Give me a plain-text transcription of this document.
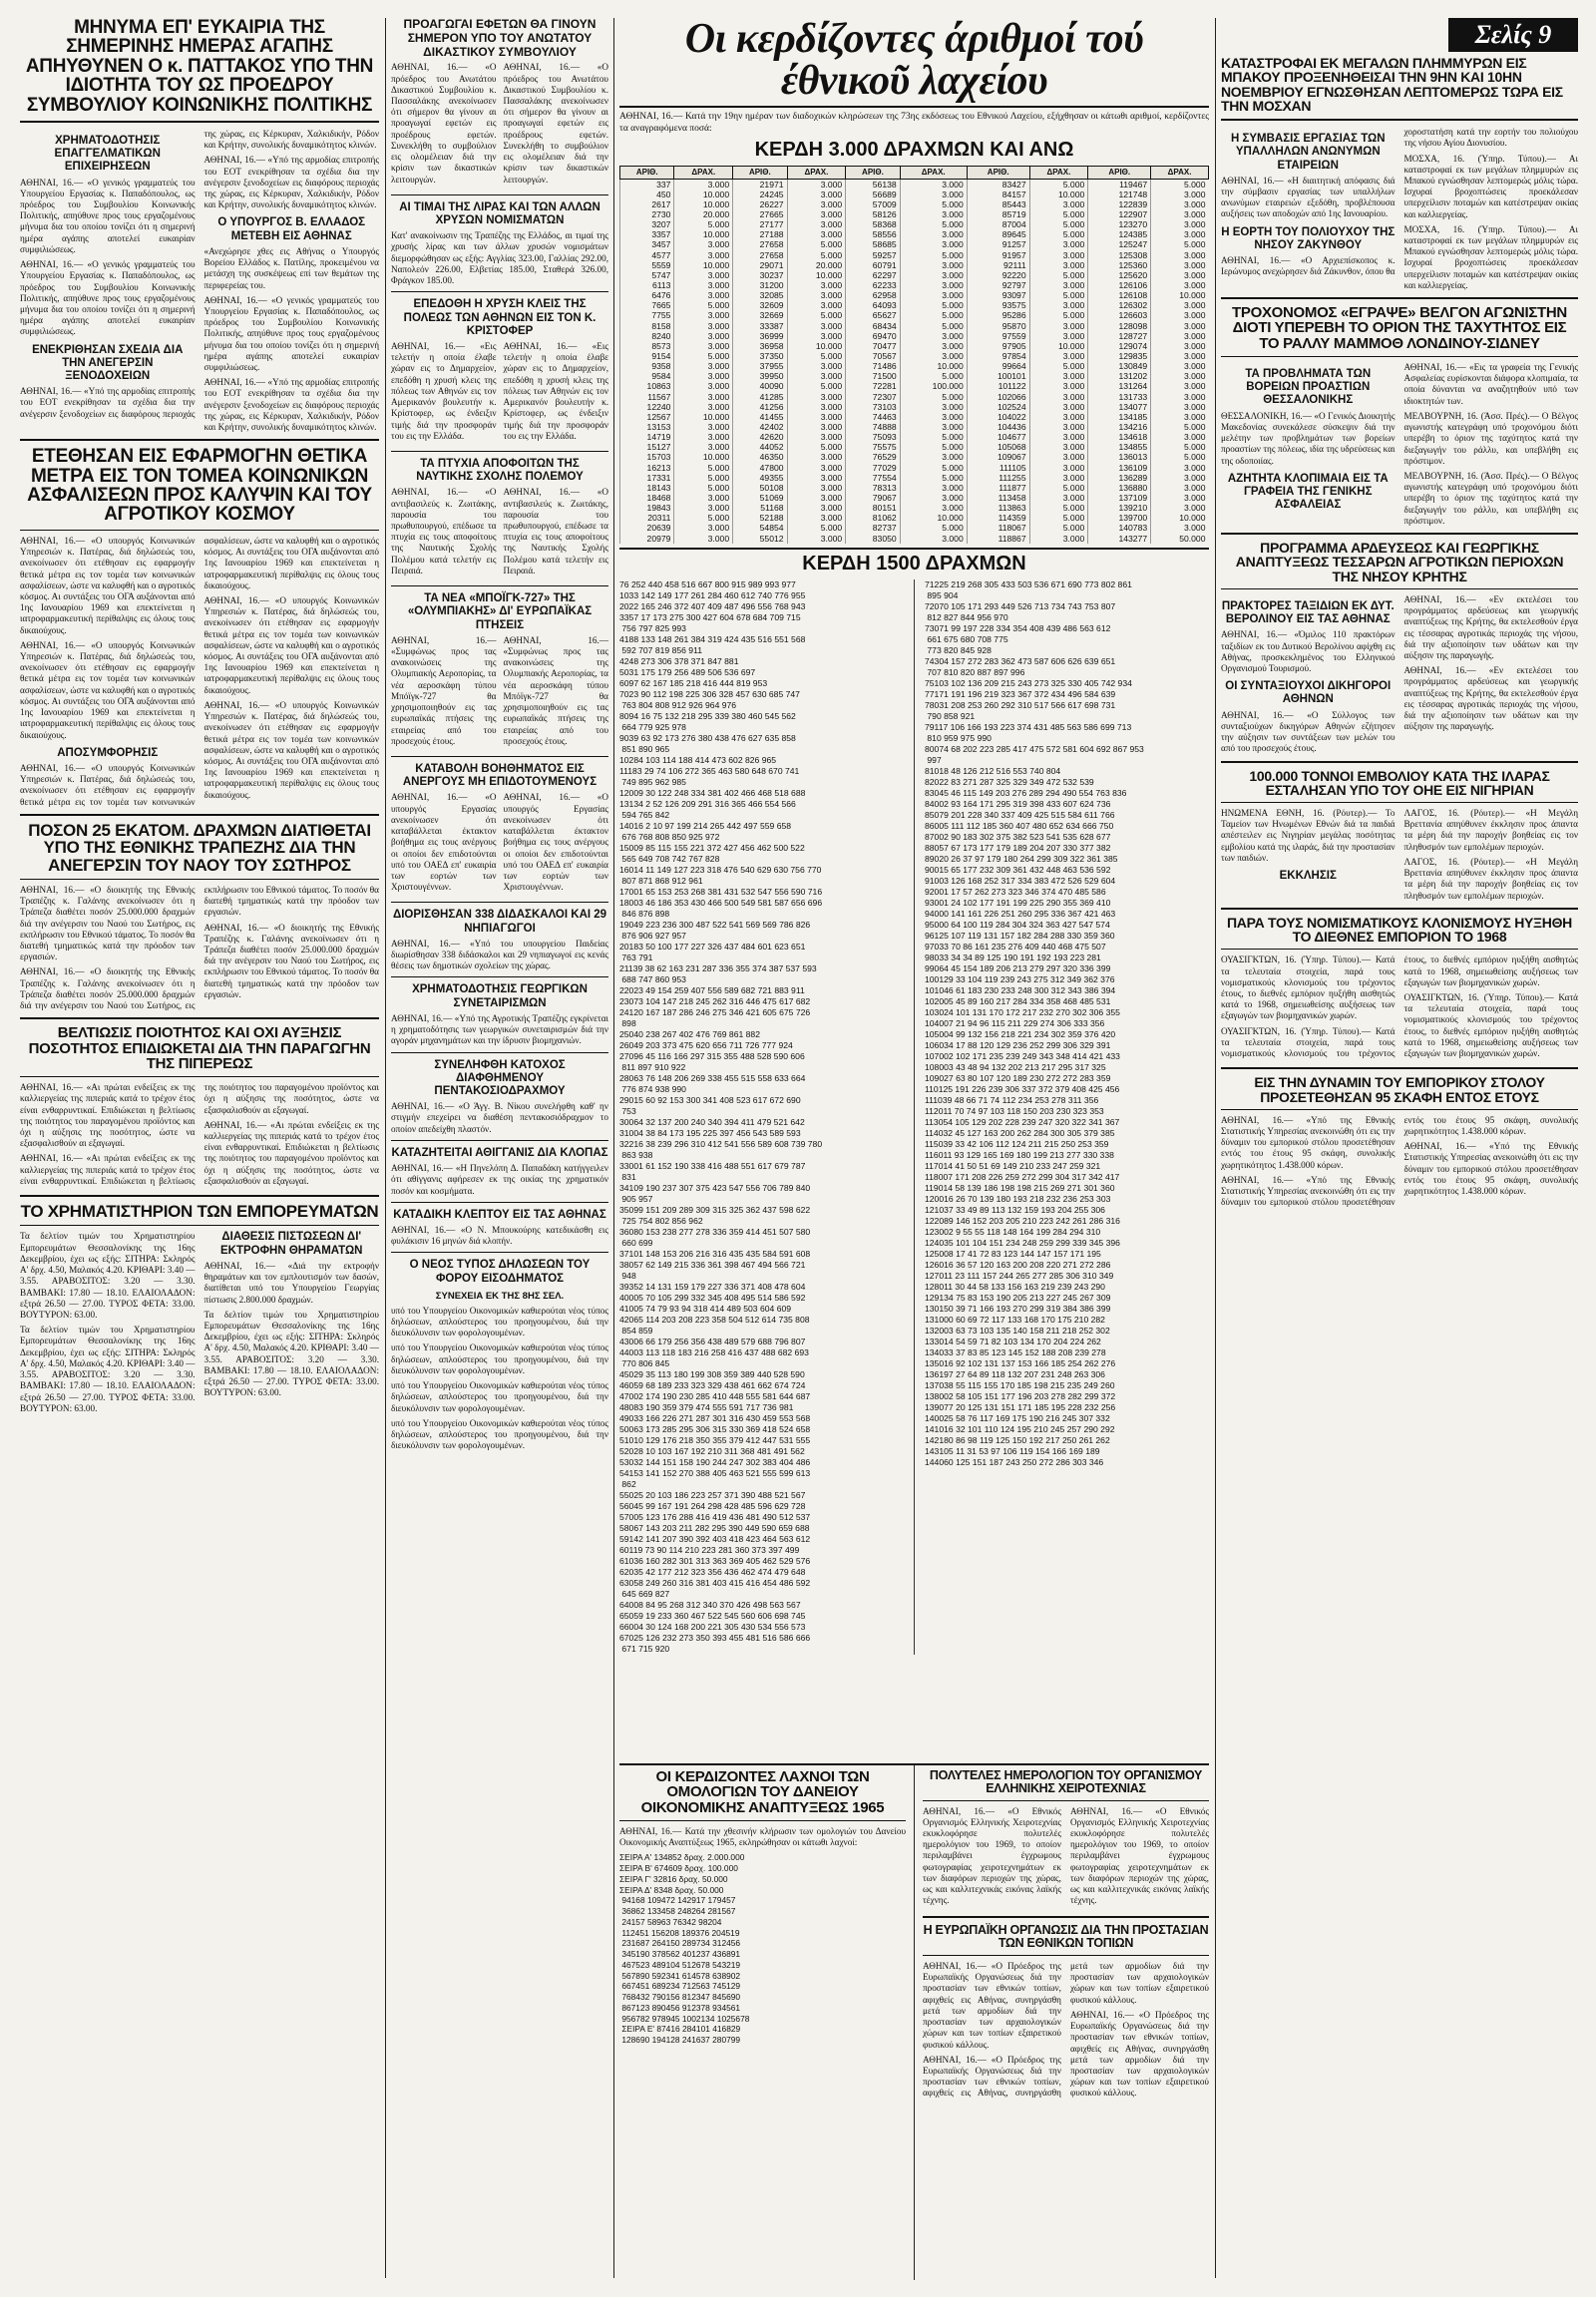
ΜΗΝΥΜΑ ΕΠ' ΕΥΚΑΙΡΙΑ ΤΗΣ ΣΗΜΕΡΙΝΗΣ ΗΜΕΡΑΣ ΑΓΑΠΗΣ ΑΠΗΥΘΥΝΕΝ Ο κ. ΠΑΤΤΑΚΟΣ ΥΠΟ ΤΗΝ ΙΔΙΟΤΗΤΑ ΤΟΥ ΩΣ ΠΡΟΕΔΡΟΥ ΣΥΜΒΟΥΛΙΟΥ ΚΟΙΝΩΝΙΚΗΣ ΠΟΛΙΤΙΚΗΣ
ΧΡΗΜΑΤΟΔΟΤΗΣΙΣ ΕΠΑΓΓΕΛΜΑΤΙΚΩΝ ΕΠΙΧΕΙΡΗΣΕΩΝ

ΑΘΗΝΑΙ, 16.— «Ο γενικός γραμματεύς του Υπουργείου Εργασίας κ. Παπαδόπουλος, ως πρόεδρος του Συμβουλίου Κοινωνικής Πολιτικής, απηύθυνε προς τους εργαζομένους μήνυμα δια του οποίου τονίζει ότι η σημερινή ημέρα αγάπης αποτελεί ευκαιρίαν συμφιλιώσεως.

ΑΘΗΝΑΙ, 16.— «Ο γενικός γραμματεύς του Υπουργείου Εργασίας κ. Παπαδόπουλος, ως πρόεδρος του Συμβουλίου Κοινωνικής Πολιτικής, απηύθυνε προς τους εργαζομένους μήνυμα δια του οποίου τονίζει ότι η σημερινή ημέρα αγάπης αποτελεί ευκαιρίαν συμφιλιώσεως.

ΕΝΕΚΡΙΘΗΣΑΝ ΣΧΕΔΙΑ ΔΙΑ ΤΗΝ ΑΝΕΓΕΡΣΙΝ ΞΕΝΟΔΟΧΕΙΩΝ

ΑΘΗΝΑΙ, 16.— «Υπό της αρμοδίας επιτροπής του ΕΟΤ ενεκρίθησαν τα σχέδια δια την ανέγερσιν ξενοδοχείων εις διαφόρους περιοχάς της χώρας, εις Κέρκυραν, Χαλκιδικήν, Ρόδον και Κρήτην, συνολικής δυναμικότητος κλινών.

ΑΘΗΝΑΙ, 16.— «Υπό της αρμοδίας επιτροπής του ΕΟΤ ενεκρίθησαν τα σχέδια δια την ανέγερσιν ξενοδοχείων εις διαφόρους περιοχάς της χώρας, εις Κέρκυραν, Χαλκιδικήν, Ρόδον και Κρήτην, συνολικής δυναμικότητος κλινών.

Ο ΥΠΟΥΡΓΟΣ Β. ΕΛΛΑΔΟΣ ΜΕΤΕΒΗ ΕΙΣ ΑΘΗΝΑΣ

«Ανεχώρησε χθες εις Αθήνας ο Υπουργός Βορείου Ελλάδος κ. Πατίλης, προκειμένου να μετάσχη της συσκέψεως επί των θεμάτων της περιφερείας του.

ΑΘΗΝΑΙ, 16.— «Ο γενικός γραμματεύς του Υπουργείου Εργασίας κ. Παπαδόπουλος, ως πρόεδρος του Συμβουλίου Κοινωνικής Πολιτικής, απηύθυνε προς τους εργαζομένους μήνυμα δια του οποίου τονίζει ότι η σημερινή ημέρα αγάπης αποτελεί ευκαιρίαν συμφιλιώσεως.

ΑΘΗΝΑΙ, 16.— «Υπό της αρμοδίας επιτροπής του ΕΟΤ ενεκρίθησαν τα σχέδια δια την ανέγερσιν ξενοδοχείων εις διαφόρους περιοχάς της χώρας, εις Κέρκυραν, Χαλκιδικήν, Ρόδον και Κρήτην, συνολικής δυναμικότητος κλινών.

ΕΤΕΘΗΣΑΝ ΕΙΣ ΕΦΑΡΜΟΓΗΝ ΘΕΤΙΚΑ ΜΕΤΡΑ ΕΙΣ ΤΟΝ ΤΟΜΕΑ ΚΟΙΝΩΝΙΚΩΝ ΑΣΦΑΛΙΣΕΩΝ ΠΡΟΣ ΚΑΛΥΨΙΝ ΚΑΙ ΤΟΥ ΑΓΡΟΤΙΚΟΥ ΚΟΣΜΟΥ

ΑΘΗΝΑΙ, 16.— «Ο υπουργός Κοινωνικών Υπηρεσιών κ. Πατέρας, διά δηλώσεώς του, ανεκοίνωσεν ότι ετέθησαν εις εφαρμογήν θετικά μέτρα εις τον τομέα των κοινωνικών ασφαλίσεων, ώστε να καλυφθή και ο αγροτικός κόσμος. Αι συντάξεις του ΟΓΑ αυξάνονται από 1ης Ιανουαρίου 1969 και επεκτείνεται η ιατροφαρμακευτική περίθαλψις εις όλους τους δικαιούχους.

ΑΘΗΝΑΙ, 16.— «Ο υπουργός Κοινωνικών Υπηρεσιών κ. Πατέρας, διά δηλώσεώς του, ανεκοίνωσεν ότι ετέθησαν εις εφαρμογήν θετικά μέτρα εις τον τομέα των κοινωνικών ασφαλίσεων, ώστε να καλυφθή και ο αγροτικός κόσμος. Αι συντάξεις του ΟΓΑ αυξάνονται από 1ης Ιανουαρίου 1969 και επεκτείνεται η ιατροφαρμακευτική περίθαλψις εις όλους τους δικαιούχους.

ΑΠΟΣΥΜΦΟΡΗΣΙΣ

ΑΘΗΝΑΙ, 16.— «Ο υπουργός Κοινωνικών Υπηρεσιών κ. Πατέρας, διά δηλώσεώς του, ανεκοίνωσεν ότι ετέθησαν εις εφαρμογήν θετικά μέτρα εις τον τομέα των κοινωνικών ασφαλίσεων, ώστε να καλυφθή και ο αγροτικός κόσμος. Αι συντάξεις του ΟΓΑ αυξάνονται από 1ης Ιανουαρίου 1969 και επεκτείνεται η ιατροφαρμακευτική περίθαλψις εις όλους τους δικαιούχους.

ΑΘΗΝΑΙ, 16.— «Ο υπουργός Κοινωνικών Υπηρεσιών κ. Πατέρας, διά δηλώσεώς του, ανεκοίνωσεν ότι ετέθησαν εις εφαρμογήν θετικά μέτρα εις τον τομέα των κοινωνικών ασφαλίσεων, ώστε να καλυφθή και ο αγροτικός κόσμος. Αι συντάξεις του ΟΓΑ αυξάνονται από 1ης Ιανουαρίου 1969 και επεκτείνεται η ιατροφαρμακευτική περίθαλψις εις όλους τους δικαιούχους.

ΑΘΗΝΑΙ, 16.— «Ο υπουργός Κοινωνικών Υπηρεσιών κ. Πατέρας, διά δηλώσεώς του, ανεκοίνωσεν ότι ετέθησαν εις εφαρμογήν θετικά μέτρα εις τον τομέα των κοινωνικών ασφαλίσεων, ώστε να καλυφθή και ο αγροτικός κόσμος. Αι συντάξεις του ΟΓΑ αυξάνονται από 1ης Ιανουαρίου 1969 και επεκτείνεται η ιατροφαρμακευτική περίθαλψις εις όλους τους δικαιούχους.

ΠΟΣΟΝ 25 ΕΚΑΤΟΜ. ΔΡΑΧΜΩΝ ΔΙΑΤΙΘΕΤΑΙ ΥΠΟ ΤΗΣ ΕΘΝΙΚΗΣ ΤΡΑΠΕΖΗΣ ΔΙΑ ΤΗΝ ΑΝΕΓΕΡΣΙΝ ΤΟΥ ΝΑΟΥ ΤΟΥ ΣΩΤΗΡΟΣ

ΑΘΗΝΑΙ, 16.— «Ο διοικητής της Εθνικής Τραπέζης κ. Γαλάνης ανεκοίνωσεν ότι η Τράπεζα διαθέτει ποσόν 25.000.000 δραχμών διά την ανέγερσιν του Ναού του Σωτήρος, εις εκπλήρωσιν του Εθνικού τάματος. Το ποσόν θα διατεθή τμηματικώς κατά την πρόοδον των εργασιών.

ΑΘΗΝΑΙ, 16.— «Ο διοικητής της Εθνικής Τραπέζης κ. Γαλάνης ανεκοίνωσεν ότι η Τράπεζα διαθέτει ποσόν 25.000.000 δραχμών διά την ανέγερσιν του Ναού του Σωτήρος, εις εκπλήρωσιν του Εθνικού τάματος. Το ποσόν θα διατεθή τμηματικώς κατά την πρόοδον των εργασιών.

ΑΘΗΝΑΙ, 16.— «Ο διοικητής της Εθνικής Τραπέζης κ. Γαλάνης ανεκοίνωσεν ότι η Τράπεζα διαθέτει ποσόν 25.000.000 δραχμών διά την ανέγερσιν του Ναού του Σωτήρος, εις εκπλήρωσιν του Εθνικού τάματος. Το ποσόν θα διατεθή τμηματικώς κατά την πρόοδον των εργασιών.

ΒΕΛΤΙΩΣΙΣ ΠΟΙΟΤΗΤΟΣ ΚΑΙ ΟΧΙ ΑΥΞΗΣΙΣ ΠΟΣΟΤΗΤΟΣ ΕΠΙΔΙΩΚΕΤΑΙ ΔΙΑ ΤΗΝ ΠΑΡΑΓΩΓΗΝ ΤΗΣ ΠΙΠΕΡΕΩΣ

ΑΘΗΝΑΙ, 16.— «Αι πρώται ενδείξεις εκ της καλλιεργείας της πιπεριάς κατά το τρέχον έτος είναι ενθαρρυντικαί. Επιδιώκεται η βελτίωσις της ποιότητος του παραγομένου προϊόντος και όχι η αύξησις της ποσότητος, ώστε να εξασφαλισθούν αι εξαγωγαί.

ΑΘΗΝΑΙ, 16.— «Αι πρώται ενδείξεις εκ της καλλιεργείας της πιπεριάς κατά το τρέχον έτος είναι ενθαρρυντικαί. Επιδιώκεται η βελτίωσις της ποιότητος του παραγομένου προϊόντος και όχι η αύξησις της ποσότητος, ώστε να εξασφαλισθούν αι εξαγωγαί.

ΑΘΗΝΑΙ, 16.— «Αι πρώται ενδείξεις εκ της καλλιεργείας της πιπεριάς κατά το τρέχον έτος είναι ενθαρρυντικαί. Επιδιώκεται η βελτίωσις της ποιότητος του παραγομένου προϊόντος και όχι η αύξησις της ποσότητος, ώστε να εξασφαλισθούν αι εξαγωγαί.

ΤΟ ΧΡΗΜΑΤΙΣΤΗΡΙΟΝ ΤΩΝ ΕΜΠΟΡΕΥΜΑΤΩΝ

Τα δελτίον τιμών του Χρηματιστηρίου Εμπορευμάτων Θεσσαλονίκης της 16ης Δεκεμβρίου, έχει ως εξής: ΣΙΤΗΡΑ: Σκληρός Α' δρχ. 4.50, Μαλακός 4.20. ΚΡΙΘΑΡΙ: 3.40 — 3.55. ΑΡΑΒΟΣΙΤΟΣ: 3.20 — 3.30. ΒΑΜΒΑΚΙ: 17.80 — 18.10. ΕΛΑΙΟΛΑΔΟΝ: εξτρά 26.50 — 27.00. ΤΥΡΟΣ ΦΕΤΑ: 33.00. ΒΟΥΤΥΡΟΝ: 63.00.

Τα δελτίον τιμών του Χρηματιστηρίου Εμπορευμάτων Θεσσαλονίκης της 16ης Δεκεμβρίου, έχει ως εξής: ΣΙΤΗΡΑ: Σκληρός Α' δρχ. 4.50, Μαλακός 4.20. ΚΡΙΘΑΡΙ: 3.40 — 3.55. ΑΡΑΒΟΣΙΤΟΣ: 3.20 — 3.30. ΒΑΜΒΑΚΙ: 17.80 — 18.10. ΕΛΑΙΟΛΑΔΟΝ: εξτρά 26.50 — 27.00. ΤΥΡΟΣ ΦΕΤΑ: 33.00. ΒΟΥΤΥΡΟΝ: 63.00.

ΔΙΑΘΕΣΙΣ ΠΙΣΤΩΣΕΩΝ ΔΙ' ΕΚΤΡΟΦΗΝ ΘΗΡΑΜΑΤΩΝ

ΑΘΗΝΑΙ, 16.— «Διά την εκτροφήν θηραμάτων και τον εμπλουτισμόν των δασών, διατίθεται υπό του Υπουργείου Γεωργίας πίστωσις 2.800.000 δραχμών.

Τα δελτίον τιμών του Χρηματιστηρίου Εμπορευμάτων Θεσσαλονίκης της 16ης Δεκεμβρίου, έχει ως εξής: ΣΙΤΗΡΑ: Σκληρός Α' δρχ. 4.50, Μαλακός 4.20. ΚΡΙΘΑΡΙ: 3.40 — 3.55. ΑΡΑΒΟΣΙΤΟΣ: 3.20 — 3.30. ΒΑΜΒΑΚΙ: 17.80 — 18.10. ΕΛΑΙΟΛΑΔΟΝ: εξτρά 26.50 — 27.00. ΤΥΡΟΣ ΦΕΤΑ: 33.00. ΒΟΥΤΥΡΟΝ: 63.00.

ΠΡΟΑΓΩΓΑΙ ΕΦΕΤΩΝ ΘΑ ΓΙΝΟΥΝ ΣΗΜΕΡΟΝ ΥΠΟ ΤΟΥ ΑΝΩΤΑΤΟΥ ΔΙΚΑΣΤΙΚΟΥ ΣΥΜΒΟΥΛΙΟΥ

ΑΘΗΝΑΙ, 16.— «Ο πρόεδρος του Ανωτάτου Δικαστικού Συμβουλίου κ. Πασσαλάκης ανεκοίνωσεν ότι σήμερον θα γίνουν αι προαγωγαί εφετών εις προέδρους εφετών. Συνεκλήθη το συμβούλιον εις ολομέλειαν διά την κρίσιν των δικαστικών λειτουργών.

ΑΘΗΝΑΙ, 16.— «Ο πρόεδρος του Ανωτάτου Δικαστικού Συμβουλίου κ. Πασσαλάκης ανεκοίνωσεν ότι σήμερον θα γίνουν αι προαγωγαί εφετών εις προέδρους εφετών. Συνεκλήθη το συμβούλιον εις ολομέλειαν διά την κρίσιν των δικαστικών λειτουργών.

ΑΙ ΤΙΜΑΙ ΤΗΣ ΛΙΡΑΣ ΚΑΙ ΤΩΝ ΑΛΛΩΝ ΧΡΥΣΩΝ ΝΟΜΙΣΜΑΤΩΝ

Κατ' ανακοίνωσιν της Τραπέζης της Ελλάδος, αι τιμαί της χρυσής λίρας και των άλλων χρυσών νομισμάτων διεμορφώθησαν ως εξής: Αγγλίας 323.00, Γαλλίας 292.00, Ναπολεόν 226.00, Ελβετίας 185.00, Σταθερά 326.00, Φράγκον 185.00.

ΕΠΕΔΟΘΗ Η ΧΡΥΣΗ ΚΛΕΙΣ ΤΗΣ ΠΟΛΕΩΣ ΤΩΝ ΑΘΗΝΩΝ ΕΙΣ ΤΟΝ Κ. ΚΡΙΣΤΟΦΕΡ

ΑΘΗΝΑΙ, 16.— «Εις τελετήν η οποία έλαβε χώραν εις το Δημαρχείον, επεδόθη η χρυσή κλεις της πόλεως των Αθηνών εις τον Αμερικανόν βουλευτήν κ. Κρίστοφερ, ως ένδειξιν τιμής διά την προσφοράν του εις την Ελλάδα.

ΑΘΗΝΑΙ, 16.— «Εις τελετήν η οποία έλαβε χώραν εις το Δημαρχείον, επεδόθη η χρυσή κλεις της πόλεως των Αθηνών εις τον Αμερικανόν βουλευτήν κ. Κρίστοφερ, ως ένδειξιν τιμής διά την προσφοράν του εις την Ελλάδα.

ΤΑ ΠΤΥΧΙΑ ΑΠΟΦΟΙΤΩΝ ΤΗΣ ΝΑΥΤΙΚΗΣ ΣΧΟΛΗΣ ΠΟΛΕΜΟΥ

ΑΘΗΝΑΙ, 16.— «Ο αντιβασιλεύς κ. Ζωιτάκης, παρουσία του πρωθυπουργού, επέδωσε τα πτυχία εις τους αποφοίτους της Ναυτικής Σχολής Πολέμου κατά τελετήν εις Πειραιά.

ΑΘΗΝΑΙ, 16.— «Ο αντιβασιλεύς κ. Ζωιτάκης, παρουσία του πρωθυπουργού, επέδωσε τα πτυχία εις τους αποφοίτους της Ναυτικής Σχολής Πολέμου κατά τελετήν εις Πειραιά.

ΤΑ ΝΕΑ «ΜΠΟΪΓΚ-727» ΤΗΣ «ΟΛΥΜΠΙΑΚΗΣ» ΔΙ' ΕΥΡΩΠΑΪΚΑΣ ΠΤΗΣΕΙΣ

ΑΘΗΝΑΙ, 16.— «Συμφώνως προς τας ανακοινώσεις της Ολυμπιακής Αεροπορίας, τα νέα αεροσκάφη τύπου Μπόϊγκ-727 θα χρησιμοποιηθούν εις τας ευρωπαϊκάς πτήσεις της εταιρείας από του προσεχούς έτους.

ΑΘΗΝΑΙ, 16.— «Συμφώνως προς τας ανακοινώσεις της Ολυμπιακής Αεροπορίας, τα νέα αεροσκάφη τύπου Μπόϊγκ-727 θα χρησιμοποιηθούν εις τας ευρωπαϊκάς πτήσεις της εταιρείας από του προσεχούς έτους.

ΚΑΤΑΒΟΛΗ ΒΟΗΘΗΜΑΤΟΣ ΕΙΣ ΑΝΕΡΓΟΥΣ ΜΗ ΕΠΙΔΟΤΟΥΜΕΝΟΥΣ

ΑΘΗΝΑΙ, 16.— «Ο υπουργός Εργασίας ανεκοίνωσεν ότι καταβάλλεται έκτακτον βοήθημα εις τους ανέργους οι οποίοι δεν επιδοτούνται υπό του ΟΑΕΔ επ' ευκαιρία των εορτών των Χριστουγέννων.

ΑΘΗΝΑΙ, 16.— «Ο υπουργός Εργασίας ανεκοίνωσεν ότι καταβάλλεται έκτακτον βοήθημα εις τους ανέργους οι οποίοι δεν επιδοτούνται υπό του ΟΑΕΔ επ' ευκαιρία των εορτών των Χριστουγέννων.

ΔΙΟΡΙΣΘΗΣΑΝ 338 ΔΙΔΑΣΚΑΛΟΙ ΚΑΙ 29 ΝΗΠΙΑΓΩΓΟΙ

ΑΘΗΝΑΙ, 16.— «Υπό του υπουργείου Παιδείας διωρίσθησαν 338 διδάσκαλοι και 29 νηπιαγωγοί εις κενάς θέσεις των δημοτικών σχολείων της χώρας.

ΧΡΗΜΑΤΟΔΟΤΗΣΙΣ ΓΕΩΡΓΙΚΩΝ ΣΥΝΕΤΑΙΡΙΣΜΩΝ

ΑΘΗΝΑΙ, 16.— «Υπό της Αγροτικής Τραπέζης εγκρίνεται η χρηματοδότησις των γεωργικών συνεταιρισμών διά την αγοράν μηχανημάτων και την ίδρυσιν βιομηχανιών.

ΣΥΝΕΛΗΦΘΗ ΚΑΤΟΧΟΣ ΔΙΑΦΘΗΜΕΝΟΥ ΠΕΝΤΑΚΟΣΙΟΔΡΑΧΜΟΥ

ΑΘΗΝΑΙ, 16.— «Ο Άγγ. Β. Νίκου συνελήφθη καθ' ην στιγμήν επεχείρει να διαθέση πεντακοσιόδραχμον το οποίον απεδείχθη πλαστόν.

ΚΑΤΑΖΗΤΕΙΤΑΙ ΑΘΙΓΓΑΝΙΣ ΔΙΑ ΚΛΟΠΑΣ

ΑΘΗΝΑΙ, 16.— «Η Πηνελόπη Δ. Παπαδάκη κατήγγειλεν ότι αθίγγανις αφήρεσεν εκ της οικίας της χρηματικόν ποσόν και κοσμήματα.

ΚΑΤΑΔΙΚΗ ΚΛΕΠΤΟΥ ΕΙΣ ΤΑΣ ΑΘΗΝΑΣ

ΑΘΗΝΑΙ, 16.— «Ο Ν. Μπουκούρης κατεδικάσθη εις φυλάκισιν 16 μηνών διά κλοπήν.

Ο ΝΕΟΣ ΤΥΠΟΣ ΔΗΛΩΣΕΩΝ ΤΟΥ ΦΟΡΟΥ ΕΙΣΟΔΗΜΑΤΟΣ
ΣΥΝΕΧΕΙΑ ΕΚ ΤΗΣ 8ΗΣ ΣΕΛ.

υπό του Υπουργείου Οικονομικών καθιερούται νέος τύπος δηλώσεων, απλούστερος του προηγουμένου, διά την διευκόλυνσιν των φορολογουμένων.

υπό του Υπουργείου Οικονομικών καθιερούται νέος τύπος δηλώσεων, απλούστερος του προηγουμένου, διά την διευκόλυνσιν των φορολογουμένων.

υπό του Υπουργείου Οικονομικών καθιερούται νέος τύπος δηλώσεων, απλούστερος του προηγουμένου, διά την διευκόλυνσιν των φορολογουμένων.

υπό του Υπουργείου Οικονομικών καθιερούται νέος τύπος δηλώσεων, απλούστερος του προηγουμένου, διά την διευκόλυνσιν των φορολογουμένων.

Οι κερδίζοντες άριθμοί τού έθνικοῦ λαχείου

ΑΘΗΝΑΙ, 16.— Κατά την 19ην ημέραν των διαδοχικών κληρώσεων της 73ης εκδόσεως του Εθνικού Λαχείου, εξήχθησαν οι κάτωθι αριθμοί, κερδίζοντες τα αναγραφόμενα ποσά:

ΚΕΡΔΗ 3.000 ΔΡΑΧΜΩΝ ΚΑΙ ΑΝΩ
ΑΡΙΘ.	ΔΡΑΧ.	ΑΡΙΘ.	ΔΡΑΧ.	ΑΡΙΘ.	ΔΡΑΧ.	ΑΡΙΘ.	ΔΡΑΧ.	ΑΡΙΘ.	ΔΡΑΧ.
337	3.000	21971	3.000	56138	3.000	83427	5.000	119467	5.000
450	10.000	24245	3.000	56689	3.000	84157	10.000	121748	3.000
2617	10.000	26227	3.000	57009	5.000	85443	3.000	122839	3.000
2730	20.000	27665	3.000	58126	3.000	85719	5.000	122907	3.000
3207	5.000	27177	3.000	58368	5.000	87004	5.000	123270	3.000
3357	10.000	27188	3.000	58556	3.000	89645	5.000	124385	3.000
3457	3.000	27658	5.000	58685	3.000	91257	3.000	125247	5.000
4577	3.000	27658	5.000	59257	5.000	91957	3.000	125308	3.000
5559	10.000	29071	20.000	60791	3.000	92111	3.000	125360	3.000
5747	3.000	30237	10.000	62297	3.000	92220	5.000	125620	3.000
6113	3.000	31200	3.000	62233	3.000	92797	3.000	126106	3.000
6476	3.000	32085	3.000	62958	3.000	93097	5.000	126108	10.000
7665	5.000	32609	3.000	64093	5.000	93575	3.000	126302	3.000
7755	3.000	32669	5.000	65627	5.000	95286	5.000	126603	3.000
8158	3.000	33387	3.000	68434	5.000	95870	3.000	128098	3.000
8240	3.000	36999	3.000	69470	3.000	97559	3.000	128727	3.000
8573	3.000	36958	10.000	70477	3.000	97905	10.000	129074	3.000
9154	5.000	37350	5.000	70567	3.000	97854	3.000	129835	3.000
9358	3.000	37955	3.000	71486	10.000	99664	5.000	130849	3.000
9584	3.000	39950	3.000	71500	5.000	100101	3.000	131202	3.000
10863	3.000	40090	5.000	72281	100.000	101122	3.000	131264	3.000
11567	3.000	41285	3.000	72307	5.000	102066	3.000	131733	3.000
12240	3.000	41256	3.000	73103	3.000	102524	3.000	134077	3.000
12567	10.000	41455	3.000	74463	3.000	104022	3.000	134185	3.000
13153	3.000	42402	3.000	74888	3.000	104436	3.000	134216	5.000
14719	3.000	42620	3.000	75093	5.000	104677	3.000	134618	3.000
15127	3.000	44052	5.000	75575	5.000	105068	3.000	134855	5.000
15703	10.000	46350	3.000	76529	3.000	109067	3.000	136013	5.000
16213	5.000	47800	3.000	77029	5.000	111105	3.000	136109	3.000
17331	5.000	49355	3.000	77554	5.000	111255	3.000	136289	3.000
18143	5.000	50108	3.000	78313	3.000	111877	5.000	136880	3.000
18468	3.000	51069	3.000	79067	3.000	113458	3.000	137109	3.000
19843	3.000	51168	3.000	80151	3.000	113863	5.000	139210	3.000
20311	5.000	52188	3.000	81062	10.000	114359	5.000	139700	10.000
20639	3.000	54854	5.000	82737	5.000	118067	5.000	140783	3.000
20979	3.000	55012	3.000	83050	3.000	118867	3.000	143277	50.000
ΚΕΡΔΗ 1500 ΔΡΑΧΜΩΝ
76 252 440 458 516 667 800 915 989 993 977
1033 142 149 177 261 284 460 612 740 776 955
2022 165 246 372 407 409 487 496 556 768 943
3357 17 173 275 300 427 604 678 684 709 715
756 797 825 993
4188 133 148 261 384 319 424 435 516 551 568
592 707 819 856 911
4248 273 306 378 371 847 881
5031 175 179 256 489 506 536 697
6097 62 167 185 218 416 444 819 953
7023 90 112 198 225 306 328 457 630 685 747
763 804 808 912 926 964 976
8094 16 75 132 218 295 339 380 460 545 562
664 779 925 978
9039 63 92 173 276 380 438 476 627 635 858
851 890 965
10284 103 114 188 414 473 602 826 965
11183 29 74 106 272 365 463 580 648 670 741
749 895 962 985
12009 30 122 248 334 381 402 466 468 518 688
13134 2 52 126 209 291 316 365 466 554 566
594 765 842
14016 2 10 97 199 214 265 442 497 559 658
676 768 808 850 925 972
15009 85 115 155 221 372 427 456 462 500 522
565 649 708 742 767 828
16014 11 149 127 223 318 476 540 629 630 756 770
807 871 868 912 961
17001 65 153 253 268 381 431 532 547 556 590 716
18003 46 186 353 430 466 500 549 581 587 656 696
846 876 898
19049 223 236 300 487 522 541 569 569 786 826
876 906 927 957
20183 50 100 177 227 326 437 484 601 623 651
763 791
21139 38 62 163 231 287 336 355 374 387 537 593
688 747 860 953
22023 49 154 259 407 556 589 682 721 883 911
23073 104 147 218 245 262 316 446 475 617 682
24120 167 187 286 246 275 346 421 605 675 726
898
25040 238 267 402 476 769 861 882
26049 203 373 475 620 656 711 726 777 924
27096 45 116 166 297 315 355 488 528 590 606
811 897 910 922
28063 76 148 206 269 338 455 515 558 633 664
776 874 938 990
29015 60 92 153 300 341 408 523 617 672 690
753
30064 32 137 200 240 340 394 411 479 521 642
31004 38 84 173 195 225 397 456 543 589 593
32216 38 239 296 310 412 541 556 589 608 739 780
863 938
33001 61 152 190 338 416 488 551 617 679 787
831
34109 190 237 307 375 423 547 556 706 789 840
905 957
35099 151 209 289 309 315 325 362 437 598 622
725 754 802 856 962
36080 153 238 277 278 336 359 414 451 507 580
660 699
37101 148 153 206 216 316 435 435 584 591 608
38057 62 149 215 336 361 398 467 494 566 721
948
39352 14 131 159 179 227 336 371 408 478 604
40005 70 105 299 332 345 408 495 514 586 592
41005 74 79 93 94 318 414 489 503 604 609
42065 114 203 208 223 358 504 512 614 735 808
854 859
43006 66 179 256 356 438 489 579 688 796 807
44003 113 118 183 216 258 416 437 488 682 693
770 806 845
45029 35 113 180 199 308 359 389 440 528 590
46059 68 189 233 323 329 438 461 662 674 724
47002 174 190 230 285 410 448 555 581 644 687
48083 190 359 379 474 555 591 717 736 981
49033 166 226 271 287 301 316 430 459 553 568
50063 173 285 295 306 315 330 369 418 524 658
51010 129 176 218 350 355 379 412 447 531 555
52028 10 103 167 192 210 311 368 481 491 562
53032 144 151 158 190 244 247 302 383 404 486
54153 141 152 270 388 405 463 521 555 599 613
862
55025 20 103 186 223 257 371 390 488 521 567
56045 99 167 191 264 298 428 485 596 629 728
57005 123 176 288 416 419 436 481 490 512 537
58067 143 203 211 282 295 390 449 590 659 688
59142 141 207 390 392 403 418 423 464 563 612
60119 73 90 114 210 223 281 360 373 397 499
61036 160 282 301 313 363 369 405 462 529 576
62035 42 177 212 323 356 436 462 474 479 648
63058 249 260 316 381 403 415 416 454 486 592
645 669 827
64008 84 95 268 312 340 370 426 498 563 567
65059 19 233 360 467 522 545 560 606 698 745
66004 30 124 168 200 221 305 430 534 556 573
67025 126 232 273 350 393 455 481 516 586 666
671 715 920
71225 219 268 305 433 503 536 671 690 773 802 861
895 904
72070 105 171 293 449 526 713 734 743 753 807
812 827 844 956 970
73071 99 197 228 334 354 408 439 486 563 612
661 675 680 708 775
773 820 845 928
74304 157 272 283 362 473 587 606 626 639 651
707 810 820 887 897 996
75103 102 136 209 215 243 273 325 330 405 742 934
77171 191 196 219 323 367 372 434 496 584 639
78031 208 253 260 292 310 517 566 617 698 731
790 858 921
79117 106 166 193 223 374 431 485 563 586 699 713
810 959 975 990
80074 68 202 223 285 417 475 572 581 604 692 867 953
997
81018 48 126 212 516 553 740 804
82022 83 271 287 325 329 349 472 532 539
83045 46 115 149 203 276 289 294 490 554 763 836
84002 93 164 171 295 319 398 433 607 624 736
85079 201 228 340 337 409 425 515 584 611 766
86005 111 112 185 360 407 480 652 634 666 750
87002 90 183 302 375 382 523 541 535 628 677
88057 67 173 177 179 189 204 207 330 377 382
89020 26 37 97 179 180 264 299 309 322 361 385
90015 65 177 232 309 361 432 448 463 536 592
91003 126 168 252 317 334 383 472 526 529 604
92001 17 57 262 273 323 346 374 470 485 586
93001 24 102 177 191 199 225 290 355 369 410
94000 141 161 226 251 260 295 336 367 421 463
95000 64 100 119 284 304 324 363 427 547 574
96125 107 119 131 157 182 284 288 330 359 360
97033 70 86 161 235 276 409 440 468 475 507
98033 34 34 89 125 190 191 192 193 223 281
99064 45 154 189 206 213 279 297 320 336 399
100129 33 104 119 239 243 275 312 349 362 376
101046 61 183 230 233 248 300 312 343 386 394
102005 45 89 160 217 284 334 358 468 485 531
103024 101 131 170 172 217 232 270 302 306 355
104007 21 94 96 115 211 229 274 306 333 356
105004 99 132 156 218 221 234 302 359 376 420
106034 17 88 120 129 236 252 299 306 329 391
107002 102 171 235 239 249 343 348 414 421 433
108003 43 48 94 132 202 213 217 295 317 325
109027 63 80 107 120 189 230 272 272 283 359
110125 191 226 239 306 337 372 379 408 425 456
111039 48 66 71 74 112 234 253 278 311 356
112011 70 74 97 103 118 150 203 230 323 353
113054 105 129 202 228 239 247 320 322 341 367
114032 45 127 163 200 262 284 300 305 379 385
115039 33 42 106 112 124 211 215 250 253 359
116011 93 129 165 169 180 199 213 277 330 338
117014 41 50 51 69 149 210 233 247 259 321
118007 171 208 226 259 272 299 304 317 342 417
119014 58 139 186 198 198 215 269 271 301 360
120016 26 70 139 180 193 218 232 236 253 303
121037 33 49 89 113 132 159 193 204 255 306
122089 146 152 203 205 210 223 242 261 286 316
123002 9 55 55 118 148 164 199 284 294 310
124035 101 104 151 234 248 259 299 339 345 396
125008 17 41 72 83 123 144 147 157 171 195
126016 36 57 120 163 200 208 220 271 272 286
127011 23 111 157 244 265 277 285 306 310 349
128011 30 44 58 133 156 163 219 239 243 290
129134 75 83 153 190 205 213 227 245 267 309
130150 39 71 166 193 270 299 319 384 386 399
131000 60 69 72 117 133 168 170 175 210 282
132003 63 73 103 135 140 158 211 218 252 302
133014 54 59 71 82 103 134 170 204 224 262
134033 37 83 85 123 145 152 188 208 239 278
135016 92 102 131 137 153 166 185 254 262 276
136197 27 64 89 118 132 207 231 248 263 306
137038 55 115 155 170 185 198 215 235 249 260
138002 58 105 151 177 196 203 278 282 299 372
139077 20 125 131 151 171 185 195 228 232 256
140025 58 76 117 169 175 190 216 245 307 332
141016 32 101 110 124 195 210 245 257 290 292
142180 86 98 119 125 150 192 217 250 261 262
143105 11 31 53 97 106 119 154 166 169 189
144060 125 151 187 243 250 272 286 303 346
ΟΙ ΚΕΡΔΙΖΟΝΤΕΣ ΛΑΧΝΟΙ ΤΩΝ ΟΜΟΛΟΓΙΩΝ ΤΟΥ ΔΑΝΕΙΟΥ ΟΙΚΟΝΟΜΙΚΗΣ ΑΝΑΠΤΥΞΕΩΣ 1965

ΑΘΗΝΑΙ, 16.— Κατά την χθεσινήν κλήρωσιν των ομολογιών του Δανείου Οικονομικής Αναπτύξεως 1965, εκληρώθησαν οι κάτωθι λαχνοί:

ΣΕΙΡΑ Α' 134852 δραχ. 2.000.000
ΣΕΙΡΑ Β' 674609 δραχ. 100.000
ΣΕΙΡΑ Γ' 32816 δραχ. 50.000
ΣΕΙΡΑ Δ' 8348 δραχ. 50.000
94168 109472 142917 179457
36862 133458 248264 281567
24157 58963 76342 98204
112451 156208 189376 204519
231687 264150 289734 312456
345190 378562 401237 436891
467523 489104 512678 543219
567890 592341 614578 638902
667451 689234 712563 745129
768432 790156 812347 845690
867123 890456 912378 934561
956782 978945 1002134 1025678
ΣΕΙΡΑ Ε' 87416 284101 416829
128690 194128 241637 280799
ΠΟΛΥΤΕΛΕΣ ΗΜΕΡΟΛΟΓΙΟΝ ΤΟΥ ΟΡΓΑΝΙΣΜΟΥ ΕΛΛΗΝΙΚΗΣ ΧΕΙΡΟΤΕΧΝΙΑΣ

ΑΘΗΝΑΙ, 16.— «Ο Εθνικός Οργανισμός Ελληνικής Χειροτεχνίας εκυκλοφόρησε πολυτελές ημερολόγιον του 1969, το οποίον περιλαμβάνει έγχρωμους φωτογραφίας χειροτεχνημάτων εκ των διαφόρων περιοχών της χώρας, ως και καλλιτεχνικάς εικόνας λαϊκής τέχνης.

ΑΘΗΝΑΙ, 16.— «Ο Εθνικός Οργανισμός Ελληνικής Χειροτεχνίας εκυκλοφόρησε πολυτελές ημερολόγιον του 1969, το οποίον περιλαμβάνει έγχρωμους φωτογραφίας χειροτεχνημάτων εκ των διαφόρων περιοχών της χώρας, ως και καλλιτεχνικάς εικόνας λαϊκής τέχνης.

Η ΕΥΡΩΠΑΪΚΗ ΟΡΓΑΝΩΣΙΣ ΔΙΑ ΤΗΝ ΠΡΟΣΤΑΣΙΑΝ ΤΩΝ ΕΘΝΙΚΩΝ ΤΟΠΙΩΝ

ΑΘΗΝΑΙ, 16.— «Ο Πρόεδρος της Ευρωπαϊκής Οργανώσεως διά την προστασίαν των εθνικών τοπίων, αφιχθείς εις Αθήνας, συνηργάσθη μετά των αρμοδίων διά την προστασίαν των αρχαιολογικών χώρων και των τοπίων εξαιρετικού φυσικού κάλλους.

ΑΘΗΝΑΙ, 16.— «Ο Πρόεδρος της Ευρωπαϊκής Οργανώσεως διά την προστασίαν των εθνικών τοπίων, αφιχθείς εις Αθήνας, συνηργάσθη μετά των αρμοδίων διά την προστασίαν των αρχαιολογικών χώρων και των τοπίων εξαιρετικού φυσικού κάλλους.

ΑΘΗΝΑΙ, 16.— «Ο Πρόεδρος της Ευρωπαϊκής Οργανώσεως διά την προστασίαν των εθνικών τοπίων, αφιχθείς εις Αθήνας, συνηργάσθη μετά των αρμοδίων διά την προστασίαν των αρχαιολογικών χώρων και των τοπίων εξαιρετικού φυσικού κάλλους.

Σελίς 9
ΚΑΤΑΣΤΡΟΦΑΙ ΕΚ ΜΕΓΑΛΩΝ ΠΛΗΜΜΥΡΩΝ ΕΙΣ ΜΠΑΚΟΥ ΠΡΟΞΕΝΗΘΕΙΣΑΙ ΤΗΝ 9ΗΝ ΚΑΙ 10ΗΝ ΝΟΕΜΒΡΙΟΥ ΕΓΝΩΣΘΗΣΑΝ ΛΕΠΤΟΜΕΡΩΣ ΤΩΡΑ ΕΙΣ ΤΗΝ ΜΟΣΧΑΝ
Η ΣΥΜΒΑΣΙΣ ΕΡΓΑΣΙΑΣ ΤΩΝ ΥΠΑΛΛΗΛΩΝ ΑΝΩΝΥΜΩΝ ΕΤΑΙΡΕΙΩΝ

ΑΘΗΝΑΙ, 16.— «Η διαιτητική απόφασις διά την σύμβασιν εργασίας των υπαλλήλων ανωνύμων εταιρειών εξεδόθη, προβλέπουσα αυξήσεις των αποδοχών από 1ης Ιανουαρίου.

Η ΕΟΡΤΗ ΤΟΥ ΠΟΛΙΟΥΧΟΥ ΤΗΣ ΝΗΣΟΥ ΖΑΚΥΝΘΟΥ

ΑΘΗΝΑΙ, 16.— «Ο Αρχιεπίσκοπος κ. Ιερώνυμος ανεχώρησεν διά Ζάκυνθον, όπου θα χοροστατήση κατά την εορτήν του πολιούχου της νήσου Αγίου Διονυσίου.

ΜΟΣΧΑ, 16. (Ύπηρ. Τύπου).— Αι καταστροφαί εκ των μεγάλων πλημμυρών εις Μπακού εγνώσθησαν λεπτομερώς μόλις τώρα. Ισχυραί βροχοπτώσεις προεκάλεσαν υπερχείλισιν ποταμών και κατέστρεψαν οικίας και καλλιεργείας.

ΜΟΣΧΑ, 16. (Ύπηρ. Τύπου).— Αι καταστροφαί εκ των μεγάλων πλημμυρών εις Μπακού εγνώσθησαν λεπτομερώς μόλις τώρα. Ισχυραί βροχοπτώσεις προεκάλεσαν υπερχείλισιν ποταμών και κατέστρεψαν οικίας και καλλιεργείας.

ΤΡΟΧΟΝΟΜΟΣ «ΕΓΡΑΨΕ» ΒΕΛΓΟΝ ΑΓΩΝΙΣΤΗΝ ΔΙΟΤΙ ΥΠΕΡΕΒΗ ΤΟ ΟΡΙΟΝ ΤΗΣ ΤΑΧΥΤΗΤΟΣ ΕΙΣ ΤΟ ΡΑΛΛΥ ΜΑΜΜΟΘ ΛΟΝΔΙΝΟΥ-ΣΙΔΝΕΥ
ΤΑ ΠΡΟΒΛΗΜΑΤΑ ΤΩΝ ΒΟΡΕΙΩΝ ΠΡΟΑΣΤΙΩΝ ΘΕΣΣΑΛΟΝΙΚΗΣ

ΘΕΣΣΑΛΟΝΙΚΗ, 16.— «Ο Γενικός Διοικητής Μακεδονίας συνεκάλεσε σύσκεψιν διά την μελέτην των προβλημάτων των βορείων προαστίων της πόλεως, ιδία της υδρεύσεως και της οδοποιίας.

ΑΖΗΤΗΤΑ ΚΛΟΠΙΜΑΙΑ ΕΙΣ ΤΑ ΓΡΑΦΕΙΑ ΤΗΣ ΓΕΝΙΚΗΣ ΑΣΦΑΛΕΙΑΣ

ΑΘΗΝΑΙ, 16.— «Εις τα γραφεία της Γενικής Ασφαλείας ευρίσκονται διάφορα κλοπιμαία, τα οποία δύνανται να αναζητηθούν υπό των ιδιοκτητών των.

ΜΕΛΒΟΥΡΝΗ, 16. (Άσσ. Πρές).— Ο Βέλγος αγωνιστής κατεγράφη υπό τροχονόμου διότι υπερέβη το όριον της ταχύτητος κατά την διεξαγωγήν του ράλλυ, και υπεβλήθη εις πρόστιμον.

ΜΕΛΒΟΥΡΝΗ, 16. (Άσσ. Πρές).— Ο Βέλγος αγωνιστής κατεγράφη υπό τροχονόμου διότι υπερέβη το όριον της ταχύτητος κατά την διεξαγωγήν του ράλλυ, και υπεβλήθη εις πρόστιμον.

ΠΡΟΓΡΑΜΜΑ ΑΡΔΕΥΣΕΩΣ ΚΑΙ ΓΕΩΡΓΙΚΗΣ ΑΝΑΠΤΥΞΕΩΣ ΤΕΣΣΑΡΩΝ ΑΓΡΟΤΙΚΩΝ ΠΕΡΙΟΧΩΝ ΤΗΣ ΝΗΣΟΥ ΚΡΗΤΗΣ
ΠΡΑΚΤΟΡΕΣ ΤΑΞΙΔΙΩΝ ΕΚ ΔΥΤ. ΒΕΡΟΛΙΝΟΥ ΕΙΣ ΤΑΣ ΑΘΗΝΑΣ

ΑΘΗΝΑΙ, 16.— «Όμιλος 110 πρακτόρων ταξιδίων εκ του Δυτικού Βερολίνου αφίχθη εις Αθήνας, προσκεκλημένος του Ελληνικού Οργανισμού Τουρισμού.

ΟΙ ΣΥΝΤΑΞΙΟΥΧΟΙ ΔΙΚΗΓΟΡΟΙ ΑΘΗΝΩΝ

ΑΘΗΝΑΙ, 16.— «Ο Σύλλογος των συνταξιούχων δικηγόρων Αθηνών εζήτησεν την αύξησιν των συντάξεων των μελών του από του προσεχούς έτους.

ΑΘΗΝΑΙ, 16.— «Εν εκτελέσει του προγράμματος αρδεύσεως και γεωργικής αναπτύξεως της Κρήτης, θα εκτελεσθούν έργα εις τέσσαρας αγροτικάς περιοχάς της νήσου, διά την αξιοποίησιν των υδάτων και την αύξησιν της παραγωγής.

ΑΘΗΝΑΙ, 16.— «Εν εκτελέσει του προγράμματος αρδεύσεως και γεωργικής αναπτύξεως της Κρήτης, θα εκτελεσθούν έργα εις τέσσαρας αγροτικάς περιοχάς της νήσου, διά την αξιοποίησιν των υδάτων και την αύξησιν της παραγωγής.

100.000 ΤΟΝΝΟΙ ΕΜΒΟΛΙΟΥ ΚΑΤΑ ΤΗΣ ΙΛΑΡΑΣ ΕΣΤΑΛΗΣΑΝ ΥΠΟ ΤΟΥ ΟΗΕ ΕΙΣ ΝΙΓΗΡΙΑΝ

ΗΝΩΜΕΝΑ ΕΘΝΗ, 16. (Ρόυτερ).— Το Ταμείον των Ηνωμένων Εθνών διά τα παιδιά απέστειλεν εις Νιγηρίαν μεγάλας ποσότητας εμβολίου κατά της ιλαράς, διά την προστασίαν των παιδιών.

ΕΚΚΛΗΣΙΣ

ΛΑΓΟΣ, 16. (Ρόυτερ).— «Η Μεγάλη Βρεττανία απηύθυνεν έκκλησιν προς άπαντα τα μέρη διά την παροχήν βοηθείας εις τον πληθυσμόν των εμπολέμων περιοχών.

ΛΑΓΟΣ, 16. (Ρόυτερ).— «Η Μεγάλη Βρεττανία απηύθυνεν έκκλησιν προς άπαντα τα μέρη διά την παροχήν βοηθείας εις τον πληθυσμόν των εμπολέμων περιοχών.

ΠΑΡΑ ΤΟΥΣ ΝΟΜΙΣΜΑΤΙΚΟΥΣ ΚΛΟΝΙΣΜΟΥΣ ΗΥΞΗΘΗ ΤΟ ΔΙΕΘΝΕΣ ΕΜΠΟΡΙΟΝ ΤΟ 1968

ΟΥΑΣΙΓΚΤΩΝ, 16. (Ύπηρ. Τύπου).— Κατά τα τελευταία στοιχεία, παρά τους νομισματικούς κλονισμούς του τρέχοντος έτους, το διεθνές εμπόριον ηυξήθη αισθητώς κατά το 1968, σημειωθείσης αυξήσεως των εξαγωγών των βιομηχανικών χωρών.

ΟΥΑΣΙΓΚΤΩΝ, 16. (Ύπηρ. Τύπου).— Κατά τα τελευταία στοιχεία, παρά τους νομισματικούς κλονισμούς του τρέχοντος έτους, το διεθνές εμπόριον ηυξήθη αισθητώς κατά το 1968, σημειωθείσης αυξήσεως των εξαγωγών των βιομηχανικών χωρών.

ΟΥΑΣΙΓΚΤΩΝ, 16. (Ύπηρ. Τύπου).— Κατά τα τελευταία στοιχεία, παρά τους νομισματικούς κλονισμούς του τρέχοντος έτους, το διεθνές εμπόριον ηυξήθη αισθητώς κατά το 1968, σημειωθείσης αυξήσεως των εξαγωγών των βιομηχανικών χωρών.

ΕΙΣ ΤΗΝ ΔΥΝΑΜΙΝ ΤΟΥ ΕΜΠΟΡΙΚΟΥ ΣΤΟΛΟΥ ΠΡΟΣΕΤΕΘΗΣΑΝ 95 ΣΚΑΦΗ ΕΝΤΟΣ ΕΤΟΥΣ

ΑΘΗΝΑΙ, 16.— «Υπό της Εθνικής Στατιστικής Υπηρεσίας ανεκοινώθη ότι εις την δύναμιν του εμπορικού στόλου προσετέθησαν εντός του έτους 95 σκάφη, συνολικής χωρητικότητος 1.438.000 κόρων.

ΑΘΗΝΑΙ, 16.— «Υπό της Εθνικής Στατιστικής Υπηρεσίας ανεκοινώθη ότι εις την δύναμιν του εμπορικού στόλου προσετέθησαν εντός του έτους 95 σκάφη, συνολικής χωρητικότητος 1.438.000 κόρων.

ΑΘΗΝΑΙ, 16.— «Υπό της Εθνικής Στατιστικής Υπηρεσίας ανεκοινώθη ότι εις την δύναμιν του εμπορικού στόλου προσετέθησαν εντός του έτους 95 σκάφη, συνολικής χωρητικότητος 1.438.000 κόρων.
